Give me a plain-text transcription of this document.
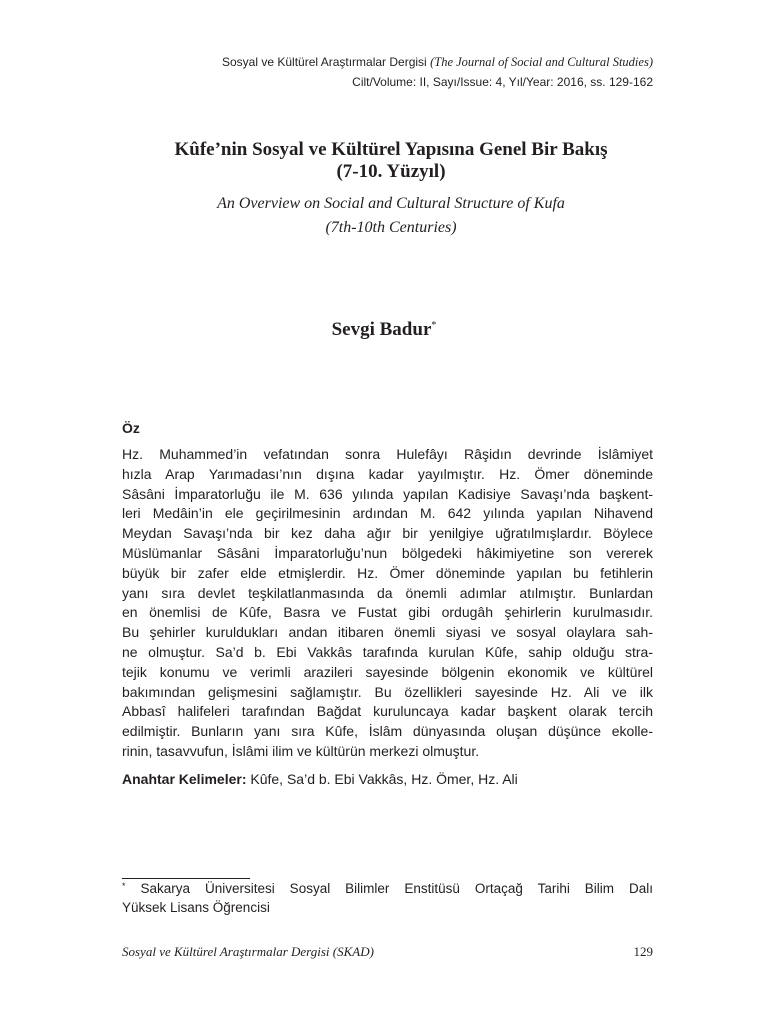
Sosyal ve Kültürel Araştırmalar Dergisi (The Journal of Social and Cultural Studies)
Cilt/Volume: II, Sayı/Issue: 4, Yıl/Year: 2016, ss. 129-162
Kûfe’nin Sosyal ve Kültürel Yapısına Genel Bir Bakış
(7-10. Yüzyıl)
An Overview on Social and Cultural Structure of Kufa
(7th-10th Centuries)
Sevgi Badur*
Öz
Hz. Muhammed’in vefatından sonra Hulefâyı Râşidın devrinde İslâmiyet
hızla Arap Yarımadası’nın dışına kadar yayılmıştır. Hz. Ömer döneminde
Sâsâni İmparatorluğu ile M. 636 yılında yapılan Kadisiye Savaşı’nda başkent-
leri Medâin’in ele geçirilmesinin ardından M. 642 yılında yapılan Nihavend
Meydan Savaşı’nda bir kez daha ağır bir yenilgiye uğratılmışlardır. Böylece
Müslümanlar Sâsâni İmparatorluğu’nun bölgedeki hâkimiyetine son vererek
büyük bir zafer elde etmişlerdir. Hz. Ömer döneminde yapılan bu fetihlerin
yanı sıra devlet teşkilatlanmasında da önemli adımlar atılmıştır. Bunlardan
en önemlisi de Kûfe, Basra ve Fustat gibi ordugâh şehirlerin kurulmasıdır.
Bu şehirler kuruldukları andan itibaren önemli siyasi ve sosyal olaylara sah-
ne olmuştur. Sa’d b. Ebi Vakkâs tarafında kurulan Kûfe, sahip olduğu stra-
tejik konumu ve verimli arazileri sayesinde bölgenin ekonomik ve kültürel
bakımından gelişmesini sağlamıştır. Bu özellikleri sayesinde Hz. Ali ve ilk
Abbasî halifeleri tarafından Bağdat kuruluncaya kadar başkent olarak tercih
edilmiştir. Bunların yanı sıra Kûfe, İslâm dünyasında oluşan düşünce ekolle-
rinin, tasavvufun, İslâmi ilim ve kültürün merkezi olmuştur.
Anahtar Kelimeler: Kûfe, Sa’d b. Ebi Vakkâs, Hz. Ömer, Hz. Ali
* Sakarya Üniversitesi Sosyal Bilimler Enstitüsü Ortaçağ Tarihi Bilim Dalı
Yüksek Lisans Öğrencisi
Sosyal ve Kültürel Araştırmalar Dergisi (SKAD)	129
